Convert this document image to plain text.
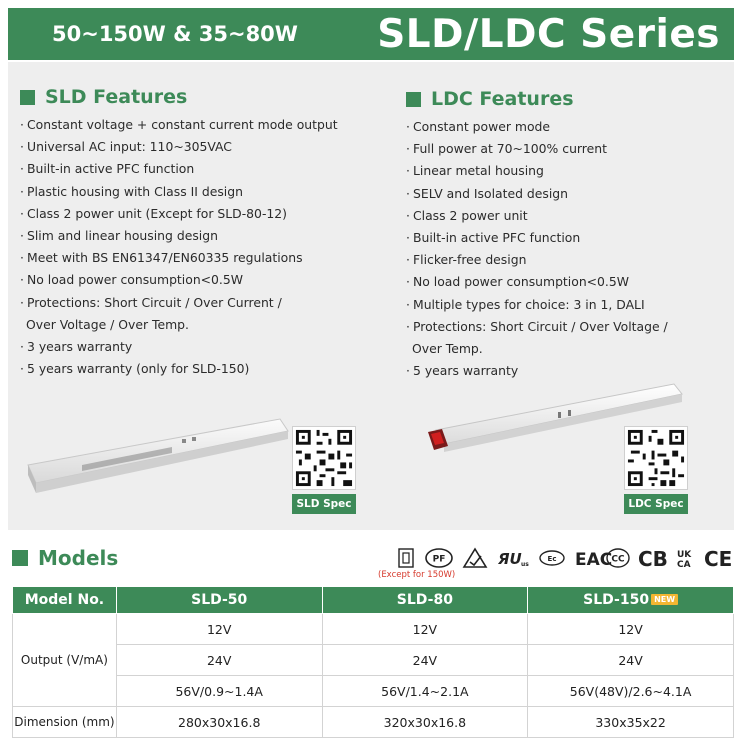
50~150W & 35~80W SLD/LDC Series
SLD Features
· Constant voltage + constant current mode output
· Universal AC input: 110~305VAC
· Built-in active PFC function
· Plastic housing with Class II design
· Class 2 power unit (Except for SLD-80-12)
· Slim and linear housing design
· Meet with BS EN61347/EN60335 regulations
· No load power consumption<0.5W
· Protections: Short Circuit / Over Current /
Over Voltage / Over Temp.
· 3 years warranty
· 5 years warranty (only for SLD-150)
LDC Features
· Constant power mode
· Full power at 70~100% current
· Linear metal housing
· SELV and Isolated design
· Class 2 power unit
· Built-in active PFC function
· Flicker-free design
· No load power consumption<0.5W
· Multiple types for choice: 3 in 1, DALI
· Protections: Short Circuit / Over Voltage /
Over Temp.
· 5 years warranty
SLD Spec	LDC Spec
Models	PF	ЯU us
Ec ЕАС CC CB UK
CA CE
(Except for 150W)
Model No.	SLD-50	SLD-80	SLD-150 NEW
Output (V/mA)	12V	12V	12V
	24V	24V	24V
	56V/0.9~1.4A	56V/1.4~2.1A	56V(48V)/2.6~4.1A
Dimension (mm)	280x30x16.8	320x30x16.8	330x35x22
